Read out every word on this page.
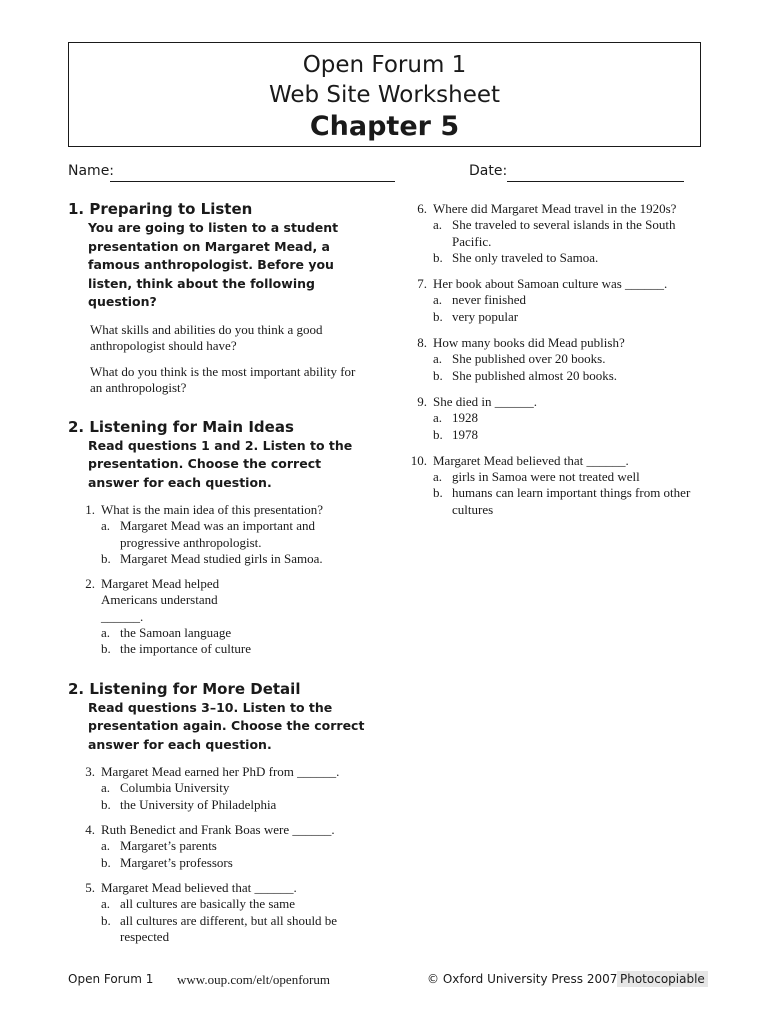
Open Forum 1
Web Site Worksheet
Chapter 5
Name:	Date:
1. Preparing to Listen
You are going to listen to a student presentation on Margaret Mead, a famous anthropologist. Before you listen, think about the following question?
What skills and abilities do you think a good anthropologist should have?
What do you think is the most important ability for an anthropologist?
2. Listening for Main Ideas
Read questions 1 and 2. Listen to the presentation. Choose the correct answer for each question.
1. What is the main idea of this presentation?
a. Margaret Mead was an important and progressive anthropologist.
b. Margaret Mead studied girls in Samoa.
2. Margaret Mead helped Americans understand ______.
a. the Samoan language
b. the importance of culture
2. Listening for More Detail
Read questions 3–10. Listen to the presentation again. Choose the correct answer for each question.
3. Margaret Mead earned her PhD from ______.
a. Columbia University
b. the University of Philadelphia
4. Ruth Benedict and Frank Boas were ______.
a. Margaret’s parents
b. Margaret’s professors
5. Margaret Mead believed that ______.
a. all cultures are basically the same
b. all cultures are different, but all should be respected
6. Where did Margaret Mead travel in the 1920s?
a. She traveled to several islands in the South Pacific.
b. She only traveled to Samoa.
7. Her book about Samoan culture was ______.
a. never finished
b. very popular
8. How many books did Mead publish?
a. She published over 20 books.
b. She published almost 20 books.
9. She died in ______.
a. 1928
b. 1978
10. Margaret Mead believed that ______.
a. girls in Samoa were not treated well
b. humans can learn important things from other cultures
Open Forum 1 www.oup.com/elt/openforum	© Oxford University Press 2007 Photocopiable
